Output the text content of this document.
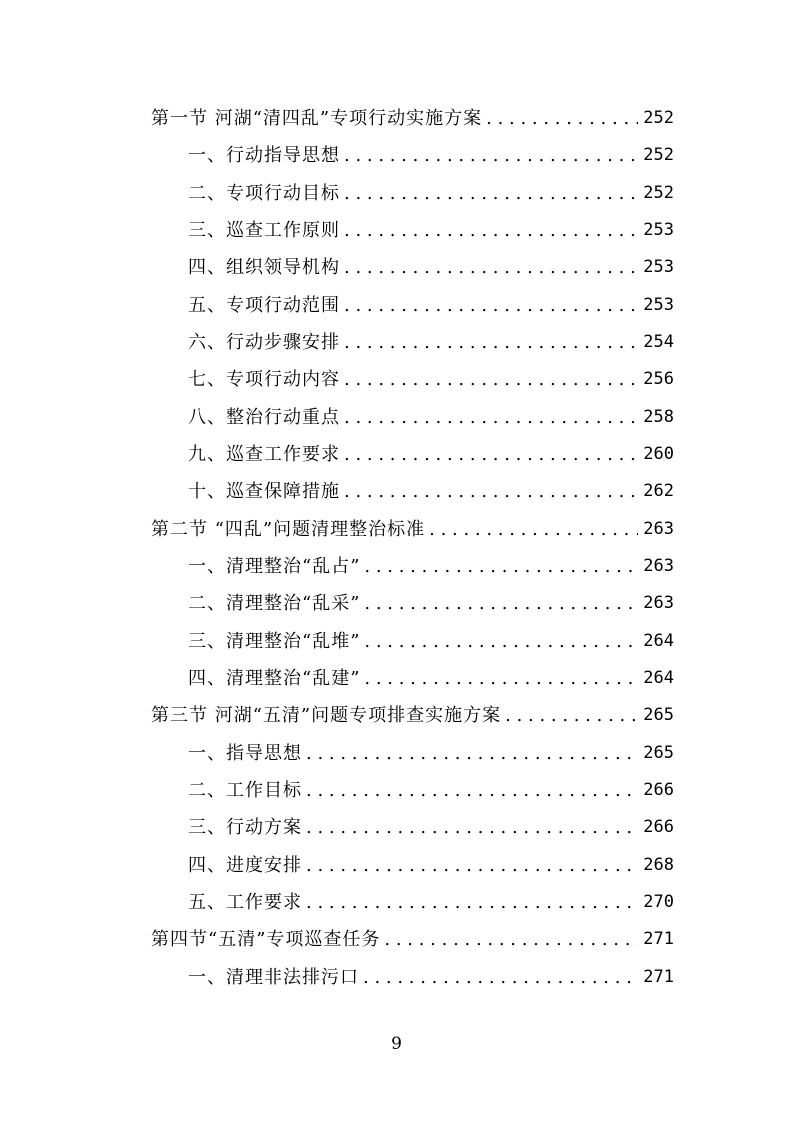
第一节 河湖“清四乱”专项行动实施方案 . . .	252
一、行动指导思想 . . .	252
二、专项行动目标 . . .	252
三、巡查工作原则 . . .	253
四、组织领导机构 . . .	253
五、专项行动范围 . . .	253
六、行动步骤安排 . . .	254
七、专项行动内容 . . .	256
八、整治行动重点 . . .	258
九、巡查工作要求 . . .	260
十、巡查保障措施 . . .	262
第二节 “四乱”问题清理整治标准 . . .	263
一、清理整治“乱占” . . .	263
二、清理整治“乱采” . . .	263
三、清理整治“乱堆” . . .	264
四、清理整治“乱建” . . .	264
第三节 河湖“五清”问题专项排查实施方案 . . .	265
一、指导思想 . . .	265
二、工作目标 . . .	266
三、行动方案 . . .	266
四、进度安排 . . .	268
五、工作要求 . . .	270
第四节“五清”专项巡查任务 . . .	271
一、清理非法排污口 . . .	271
9
